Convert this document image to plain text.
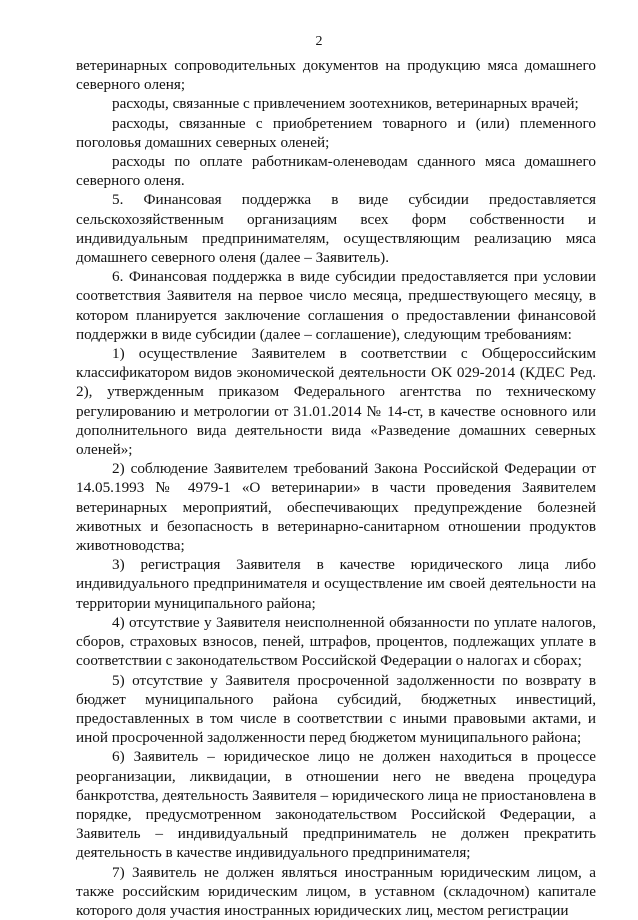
2

ветеринарных сопроводительных документов на продукцию мяса домашнего северного оленя;

расходы, связанные с привлечением зоотехников, ветеринарных врачей;

расходы, связанные с приобретением товарного и (или) племенного поголовья домашних северных оленей;

расходы по оплате работникам-оленеводам сданного мяса домашнего северного оленя.

5. Финансовая поддержка в виде субсидии предоставляется сельскохозяйственным организациям всех форм собственности и индивидуальным предпринимателям, осуществляющим реализацию мяса домашнего северного оленя (далее – Заявитель).

6. Финансовая поддержка в виде субсидии предоставляется при условии соответствия Заявителя на первое число месяца, предшествующего месяцу, в котором планируется заключение соглашения о предоставлении финансовой поддержки в виде субсидии (далее – соглашение), следующим требованиям:

1) осуществление Заявителем в соответствии с Общероссийским классификатором видов экономической деятельности ОК 029-2014 (КДЕС Ред. 2), утвержденным приказом Федерального агентства по техническому регулированию и метрологии от 31.01.2014 № 14-ст, в качестве основного или дополнительного вида деятельности вида «Разведение домашних северных оленей»;

2) соблюдение Заявителем требований Закона Российской Федерации от 14.05.1993 № 4979-1 «О ветеринарии» в части проведения Заявителем ветеринарных мероприятий, обеспечивающих предупреждение болезней животных и безопасность в ветеринарно-санитарном отношении продуктов животноводства;

3) регистрация Заявителя в качестве юридического лица либо индивидуального предпринимателя и осуществление им своей деятельности на территории муниципального района;

4) отсутствие у Заявителя неисполненной обязанности по уплате налогов, сборов, страховых взносов, пеней, штрафов, процентов, подлежащих уплате в соответствии с законодательством Российской Федерации о налогах и сборах;

5) отсутствие у Заявителя просроченной задолженности по возврату в бюджет муниципального района субсидий, бюджетных инвестиций, предоставленных в том числе в соответствии с иными правовыми актами, и иной просроченной задолженности перед бюджетом муниципального района;

6) Заявитель – юридическое лицо не должен находиться в процессе реорганизации, ликвидации, в отношении него не введена процедура банкротства, деятельность Заявителя – юридического лица не приостановлена в порядке, предусмотренном законодательством Российской Федерации, а Заявитель – индивидуальный предприниматель не должен прекратить деятельность в качестве индивидуального предпринимателя;

7) Заявитель не должен являться иностранным юридическим лицом, а также российским юридическим лицом, в уставном (складочном) капитале которого доля участия иностранных юридических лиц, местом регистрации
